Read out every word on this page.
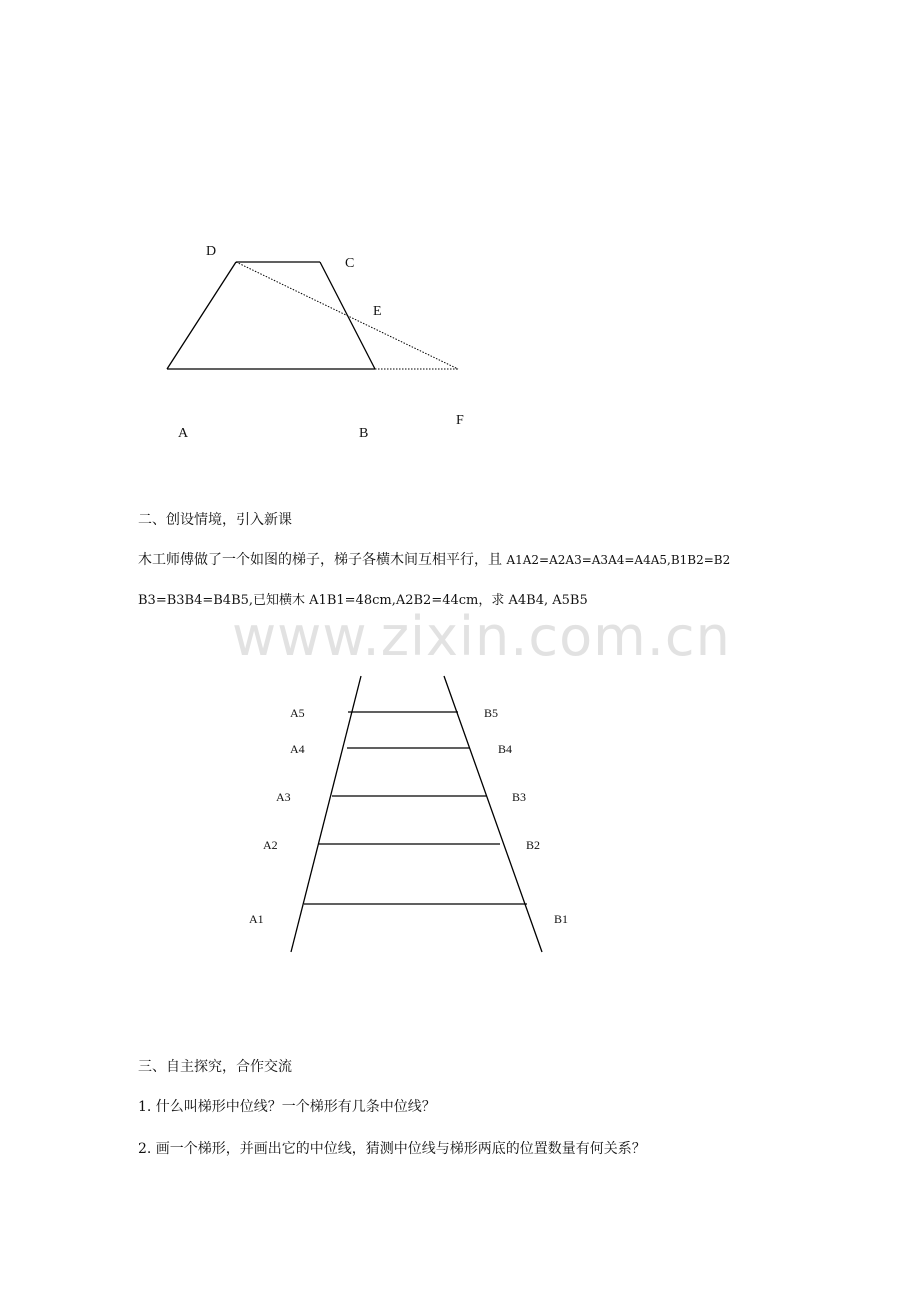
D
C
E
A	B
F
二、创设情境，引入新课
木工师傅做了一个如图的梯子，梯子各横木间互相平行，且 A1A2=A2A3=A3A4=A4A5,B1B2=B2
B3=B3B4=B4B5,已知横木 A1B1=48cm,A2B2=44cm，求 A4B4, A5B5
www.zixin.com.cn
A5
A4
A3
A2
A1
B5
B4
B3
B2
B1
三、自主探究，合作交流
1. 什么叫梯形中位线？一个梯形有几条中位线？
2. 画一个梯形，并画出它的中位线，猜测中位线与梯形两底的位置数量有何关系？
